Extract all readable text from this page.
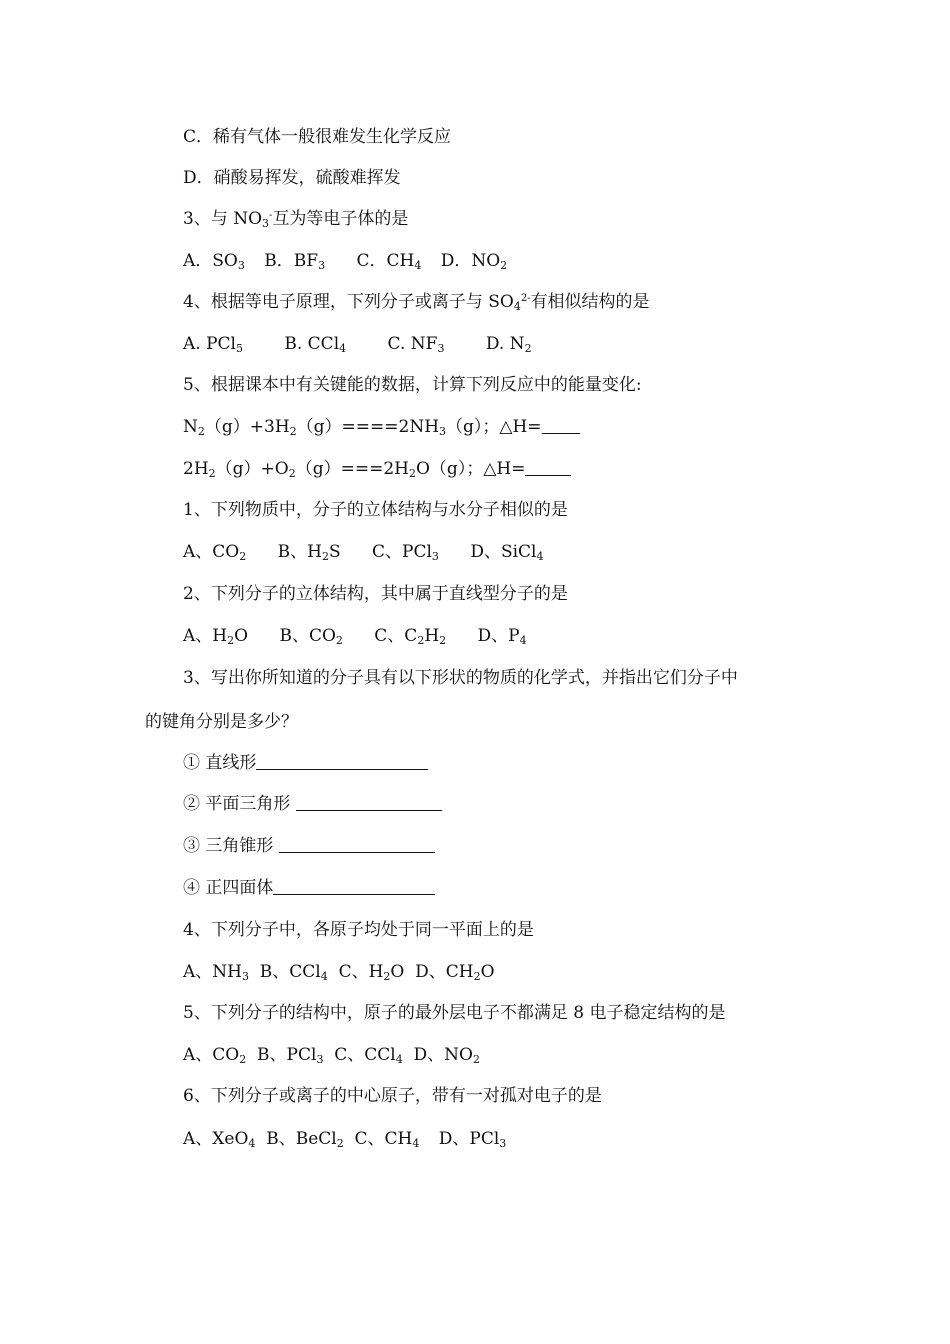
C．稀有气体一般很难发生化学反应
D．硝酸易挥发，硫酸难挥发
3、与 $NO_3^-$互为等电子体的是
A．$SO_3$ B．$BF_3$ C．$CH_4$ D．$NO_2$
4、根据等电子原理，下列分子或离子与 $SO_4^{2-}$有相似结构的是
A. PCl$_5$ B. CCl$_4$ C. $NF_3$ D. $N_2$
5、根据课本中有关键能的数据，计算下列反应中的能量变化:
$N_2(g)+3H_2(g)====2NH_3(g)$；△H=
$2H_2(g)+O_2(g)===2H_2O(g)$；△H=
1、下列物质中，分子的立体结构与水分子相似的是
A、$CO_2$ B、$H_2S$ C、PCl$_3$ D、SiCl$_4$
2、下列分子的立体结构，其中属于直线型分子的是
A、$H_2O$ B、$CO_2$ C、$C_2H_2$ D、$P_4$
3、写出你所知道的分子具有以下形状的物质的化学式，并指出它们分子中
的键角分别是多少？
① 直线形
② 平面三角形
③ 三角锥形
④ 正四面体
4、下列分子中，各原子均处于同一平面上的是
A、$NH_3$ B、CCl$_4$ C、$H_2O$ D、$CH_2O$
5、下列分子的结构中，原子的最外层电子不都满足 8 电子稳定结构的是
A、$CO_2$ B、PCl$_3$ C、CCl$_4$ D、$NO_2$
6、下列分子或离子的中心原子，带有一对孤对电子的是
A、XeO$_4$ B、BeCl$_2$ C、$CH_4$ D、PCl$_3$
